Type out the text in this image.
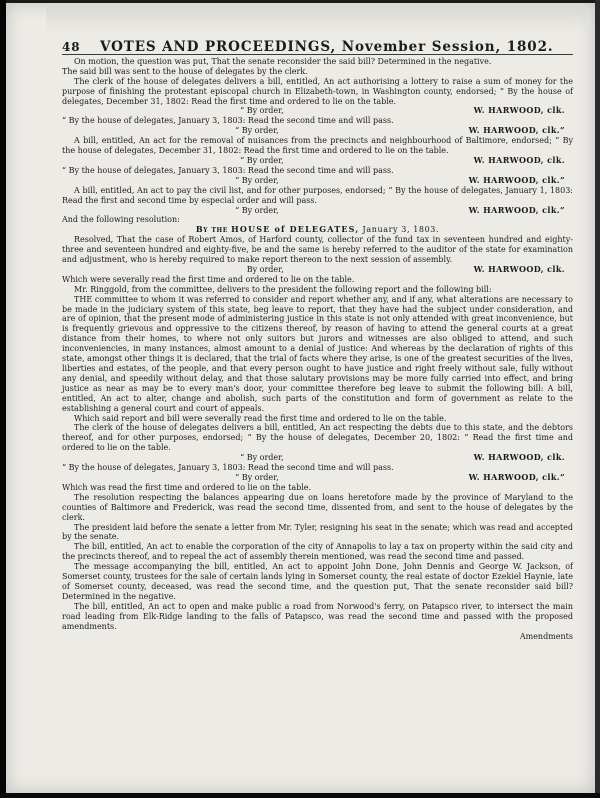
48	VOTES AND PROCEEDINGS, November Session, 1802.

On motion, the question was put, That the senate reconsider the said bill? Determined in the negative.

The said bill was sent to the house of delegates by the clerk.

The clerk of the house of delegates delivers a bill, entitled, An act authorising a lottery to raise a sum of money for the purpose of finishing the protestant episcopal church in Elizabeth-town, in Washington county, endorsed; “ By the house of delegates, December 31, 1802: Read the first time and ordered to lie on the table.

“ By order,	W. HARWOOD, clk.

“ By the house of delegates, January 3, 1803: Read the second time and will pass.

“ By order,	W. HARWOOD, clk.”

A bill, entitled, An act for the removal of nuisances from the precincts and neighbourhood of Baltimore, endorsed; “ By the house of delegates, December 31, 1802: Read the first time and ordered to lie on the table.

“ By order,	W. HARWOOD, clk.

“ By the house of delegates, January 3, 1803: Read the second time and will pass.

“ By order,	W. HARWOOD, clk.”

A bill, entitled, An act to pay the civil list, and for other purposes, endorsed; “ By the house of delegates, January 1, 1803: Read the first and second time by especial order and will pass.

“ By order,	W. HARWOOD, clk.”

And the following resolution:

By the HOUSE of DELEGATES, January 3, 1803.

Resolved, That the case of Robert Amos, of Harford county, collector of the fund tax in seventeen hundred and eighty-three and seventeen hundred and eighty-five, be and the same is hereby referred to the auditor of the state for examination and adjustment, who is hereby required to make report thereon to the next session of assembly.

By order,	W. HARWOOD, clk.

Which were severally read the first time and ordered to lie on the table.

Mr. Ringgold, from the committee, delivers to the president the following report and the following bill:

THE committee to whom it was referred to consider and report whether any, and if any, what alterations are necessary to be made in the judiciary system of this state, beg leave to report, that they have had the subject under consideration, and are of opinion, that the present mode of administering justice in this state is not only attended with great inconvenience, but is frequently grievous and oppressive to the citizens thereof, by reason of having to attend the general courts at a great distance from their homes, to where not only suitors but jurors and witnesses are also obliged to attend, and such inconveniencies, in many instances, almost amount to a denial of justice: And whereas by the declaration of rights of this state, amongst other things it is declared, that the trial of facts where they arise, is one of the greatest securities of the lives, liberties and estates, of the people, and that every person ought to have justice and right freely without sale, fully without any denial, and speedily without delay, and that those salutary provisions may be more fully carried into effect, and bring justice as near as may be to every man's door, your committee therefore beg leave to submit the following bill: A bill, entitled, An act to alter, change and abolish, such parts of the constitution and form of government as relate to the establishing a general court and court of appeals.

Which said report and bill were severally read the first time and ordered to lie on the table.

The clerk of the house of delegates delivers a bill, entitled, An act respecting the debts due to this state, and the debtors thereof, and for other purposes, endorsed; “ By the house of delegates, December 20, 1802: “ Read the first time and ordered to lie on the table.

“ By order,	W. HARWOOD, clk.

“ By the house of delegates, January 3, 1803: Read the second time and will pass.

“ By order,	W. HARWOOD, clk.”

Which was read the first time and ordered to lie on the table.

The resolution respecting the balances appearing due on loans heretofore made by the province of Maryland to the counties of Baltimore and Frederick, was read the second time, dissented from, and sent to the house of delegates by the clerk.

The president laid before the senate a letter from Mr. Tyler, resigning his seat in the senate; which was read and accepted by the senate.

The bill, entitled, An act to enable the corporation of the city of Annapolis to lay a tax on property within the said city and the precincts thereof, and to repeal the act of assembly therein mentioned, was read the second time and passed.

The message accompanying the bill, entitled, An act to appoint John Done, John Dennis and George W. Jackson, of Somerset county, trustees for the sale of certain lands lying in Somerset county, the real estate of doctor Ezekiel Haynie, late of Somerset county, deceased, was read the second time, and the question put, That the senate reconsider said bill? Determined in the negative.

The bill, entitled, An act to open and make public a road from Norwood's ferry, on Patapsco river, to intersect the main road leading from Elk-Ridge landing to the falls of Patapsco, was read the second time and passed with the proposed amendments.

Amendments
